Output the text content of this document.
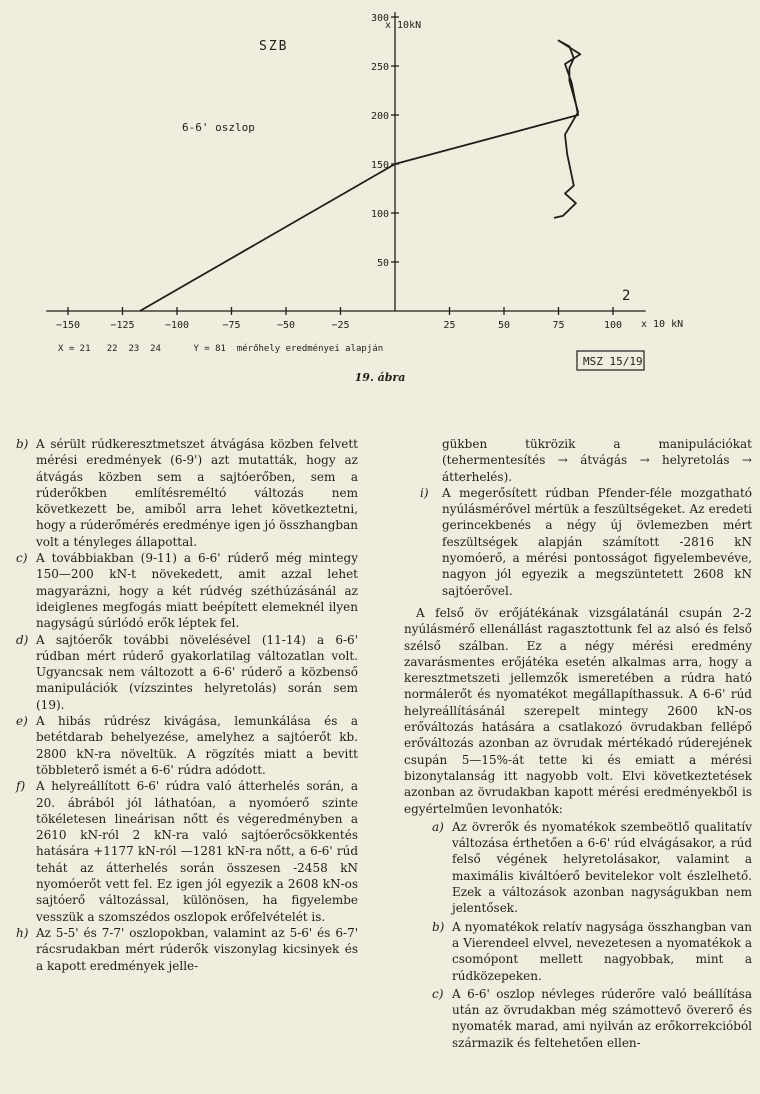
−150	−125	−100	−75	−50	−25	25	50	75	100
50
100
150
200
250
300
SZB
6-6' oszlop
x 10kN
x 10 kN
2
X = 21   22  23  24      Y = 81  mérőhely eredményei alapján
MSZ 15/19
19. ábra
b) A sérült rúdkeresztmetszet átvágása közben felvett mérési eredmények (6-9') azt mutatták, hogy az átvágás közben sem a sajtóerőben, sem a rúderőkben említésreméltó változás nem következett be, amiből arra lehet következtetni, hogy a rúderőmérés eredménye igen jó összhangban volt a tényleges állapottal.

c) A továbbiakban (9-11) a 6-6' rúderő még mintegy 150—200 kN-t növekedett, amit azzal lehet magyarázni, hogy a két rúdvég széthúzásánál az ideiglenes megfogás miatt beépített elemeknél ilyen nagyságú súrlódó erők léptek fel.

d) A sajtóerők további növelésével (11-14) a 6-6' rúdban mért rúderő gyakorlatilag változatlan volt. Ugyancsak nem változott a 6-6' rúderő a közbenső manipulációk (vízszintes helyretolás) során sem (19).

e) A hibás rúdrész kivágása, lemunkálása és a betétdarab behelyezése, amelyhez a sajtóerőt kb. 2800 kN-ra növeltük. A rögzítés miatt a bevitt többleterő ismét a 6-6' rúdra adódott.

f) A helyreállított 6-6' rúdra való átterhelés során, a 20. ábrából jól láthatóan, a nyomóerő szinte tökéletesen lineárisan nőtt és végeredményben a 2610 kN-ról 2 kN-ra való sajtóerőcsökkentés hatására +1177 kN-ról —1281 kN-ra nőtt, a 6-6' rúd tehát az átterhelés során összesen -2458 kN nyomóerőt vett fel. Ez igen jól egyezik a 2608 kN-os sajtóerő változással, különösen, ha figyelembe vesszük a szomszédos oszlopok erőfelvételét is.

h) Az 5-5' és 7-7' oszlopokban, valamint az 5-6' és 6-7' rácsrudakban mért rúderők viszonylag kicsinyek és a kapott eredmények jelle-

gükben tükrözik a manipulációkat (tehermentesítés → átvágás → helyretolás → átterhelés).

i) A megerősített rúdban Pfender-féle mozgatható nyúlásmérővel mértük a feszültségeket. Az eredeti gerincekbenés a négy új övlemezben mért feszültségek alapján számított -2816 kN nyomóerő, a mérési pontosságot figyelembevéve, nagyon jól egyezik a megszüntetett 2608 kN sajtóerővel.

A felső öv erőjátékának vizsgálatánál csupán 2-2 nyúlásmérő ellenállást ragasztottunk fel az alsó és felső szélső szálban. Ez a négy mérési eredmény zavarásmentes erőjátéka esetén alkalmas arra, hogy a keresztmetszeti jellemzők ismeretében a rúdra ható normálerőt és nyomatékot megállapíthassuk. A 6-6' rúd helyreállításánál szerepelt mintegy 2600 kN-os erőváltozás hatására a csatlakozó övrudakban fellépő erőváltozás azonban az övrudak mértékadó rúderejének csupán 5—15%-át tette ki és emiatt a mérési bizonytalanság itt nagyobb volt. Elvi következtetések azonban az övrudakban kapott mérési eredményekből is egyértelműen levonhatók:

a) Az övrerők és nyomatékok szembeötlő qualitatív változása érthetően a 6-6' rúd elvágásakor, a rúd felső végének helyretolásakor, valamint a maximális kiváltóerő bevitelekor volt észlelhető. Ezek a változások azonban nagyságukban nem jelentősek.

b) A nyomatékok relatív nagysága összhangban van a Vierendeel elvvel, nevezetesen a nyomatékok a csomópont mellett nagyobbak, mint a rúdközepeken.

c) A 6-6' oszlop névleges rúderőre való beállítása után az övrudakban még számottevő övererő és nyomaték marad, ami nyilván az erőkorrekcióból származik és feltehetően ellen-
